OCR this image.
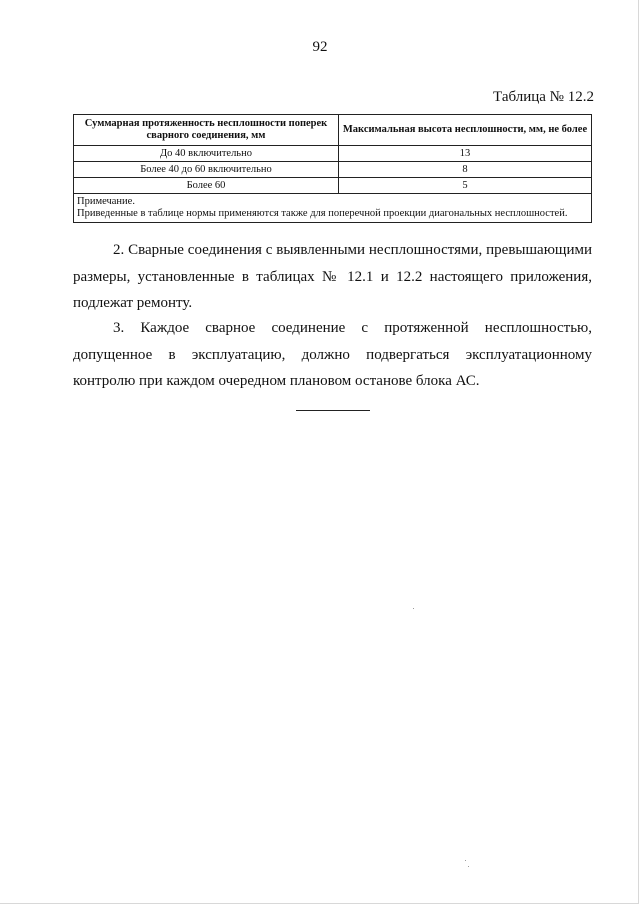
92
Таблица № 12.2
Суммарная протяженность несплошности поперек сварного соединения, мм	Максимальная высота несплошности, мм, не более
До 40 включительно	13
Более 40 до 60 включительно	8
Более 60	5

Примечание.
Приведенные в таблице нормы применяются также для поперечной проекции диагональных несплошностей.	
2. Сварные соединения с выявленными несплошностями, превышающими размеры, установленные в таблицах № 12.1 и 12.2 настоящего приложения, подлежат ремонту.
3. Каждое сварное соединение с протяженной несплошностью, допущенное в эксплуатацию, должно подвергаться эксплуатационному контролю при каждом очередном плановом останове блока АС.
